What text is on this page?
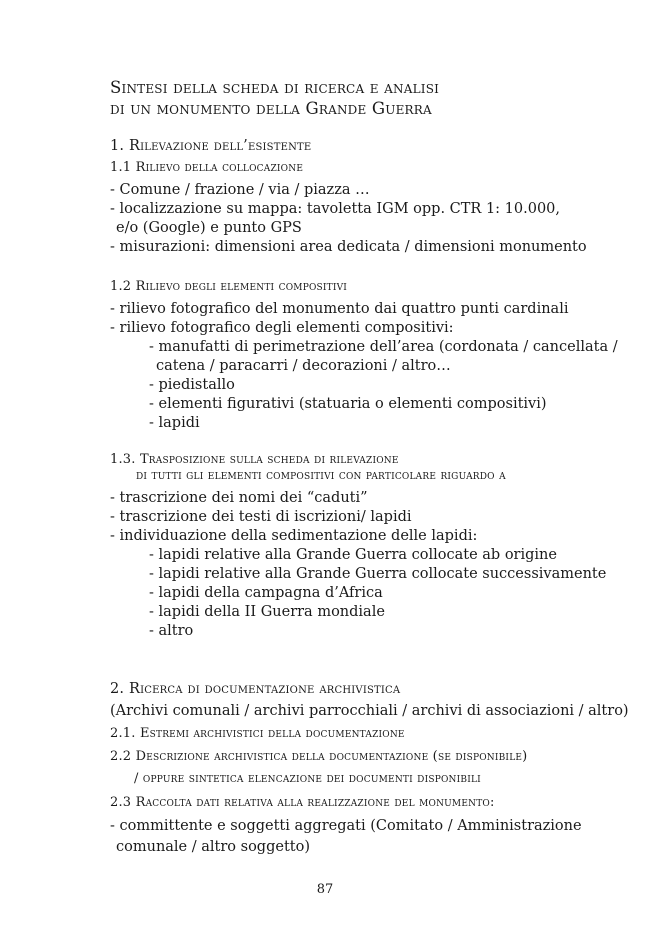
Sintesi della scheda di ricerca e analisi
di un monumento della Grande Guerra
1. Rilevazione dell’esistente
1.1 Rilievo della collocazione
- Comune / frazione / via / piazza …
- localizzazione su mappa: tavoletta IGM opp. CTR 1: 10.000,
e/o (Google) e punto GPS
- misurazioni: dimensioni area dedicata / dimensioni monumento
1.2 Rilievo degli elementi compositivi
- rilievo fotografico del monumento dai quattro punti cardinali
- rilievo fotografico degli elementi compositivi:
- manufatti di perimetrazione dell’area (cordonata / cancellata /
catena / paracarri / decorazioni / altro…
- piedistallo
- elementi figurativi (statuaria o elementi compositivi)
- lapidi
1.3. Trasposizione sulla scheda di rilevazione
di tutti gli elementi compositivi con particolare riguardo a
- trascrizione dei nomi dei “caduti”
- trascrizione dei testi di iscrizioni/ lapidi
- individuazione della sedimentazione delle lapidi:
- lapidi relative alla Grande Guerra collocate ab origine
- lapidi relative alla Grande Guerra collocate successivamente
- lapidi della campagna d’Africa
- lapidi della II Guerra mondiale
- altro
2. Ricerca di documentazione archivistica
(Archivi comunali / archivi parrocchiali / archivi di associazioni / altro)
2.1. Estremi archivistici della documentazione
2.2 Descrizione archivistica della documentazione (se disponibile)
/ oppure sintetica elencazione dei documenti disponibili
2.3 Raccolta dati relativa alla realizzazione del monumento:
- committente e soggetti aggregati (Comitato / Amministrazione
comunale / altro soggetto)
87
